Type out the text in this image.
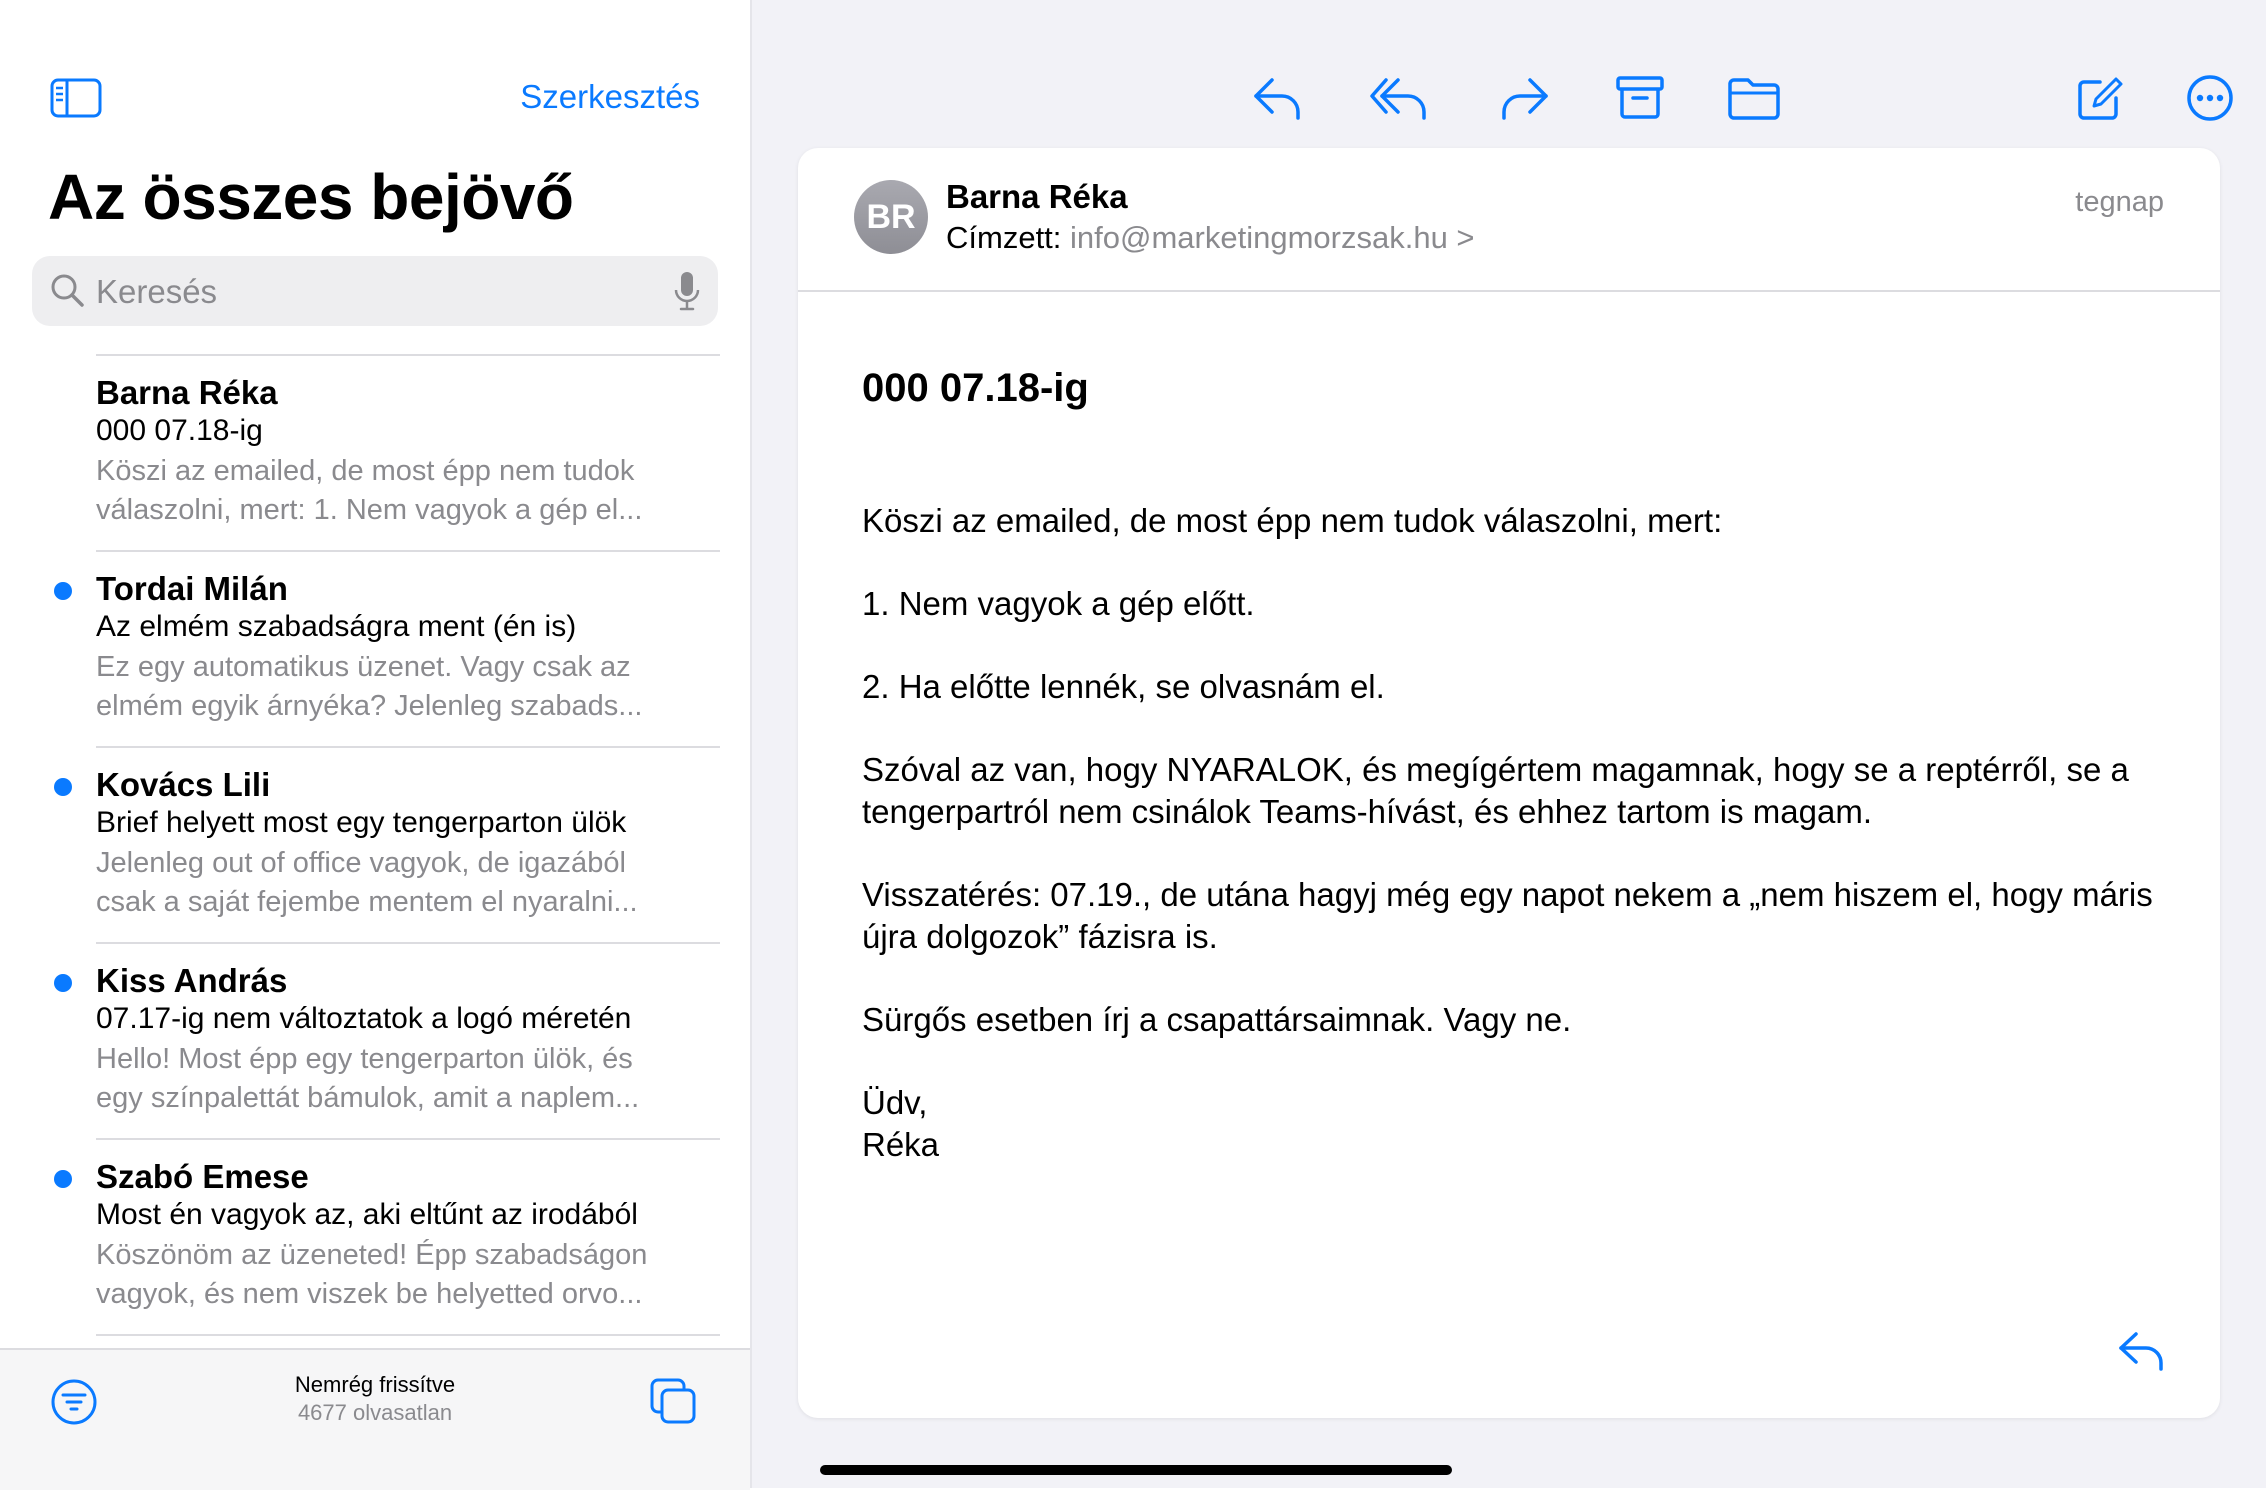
Szerkesztés
Az összes bejövő
Keresés
Barna Réka
000 07.18-ig
Köszi az emailed, de most épp nem tudok
válaszolni, mert: 1. Nem vagyok a gép el...
Tordai Milán
Az elmém szabadságra ment (én is)
Ez egy automatikus üzenet. Vagy csak az
elmém egyik árnyéka? Jelenleg szabads...
Kovács Lili
Brief helyett most egy tengerparton ülök
Jelenleg out of office vagyok, de igazából
csak a saját fejembe mentem el nyaralni...
Kiss András
07.17-ig nem változtatok a logó méretén
Hello! Most épp egy tengerparton ülök, és
egy színpalettát bámulok, amit a naplem...
Szabó Emese
Most én vagyok az, aki eltűnt az irodából
Köszönöm az üzeneted! Épp szabadságon
vagyok, és nem viszek be helyetted orvo...
Nemrég frissítve
4677 olvasatlan
BR
Barna Réka
Címzett: info@marketingmorzsak.hu >
tegnap
000 07.18-ig

Köszi az emailed, de most épp nem tudok válaszolni, mert:

1. Nem vagyok a gép előtt.

2. Ha előtte lennék, se olvasnám el.

Szóval az van, hogy NYARALOK, és megígértem magamnak, hogy se a reptérről, se a tengerpartról nem csinálok Teams-hívást, és ehhez tartom is magam.

Visszatérés: 07.19., de utána hagyj még egy napot nekem a „nem hiszem el, hogy máris újra dolgozok” fázisra is.

Sürgős esetben írj a csapattársaimnak. Vagy ne.

Üdv,

Réka
